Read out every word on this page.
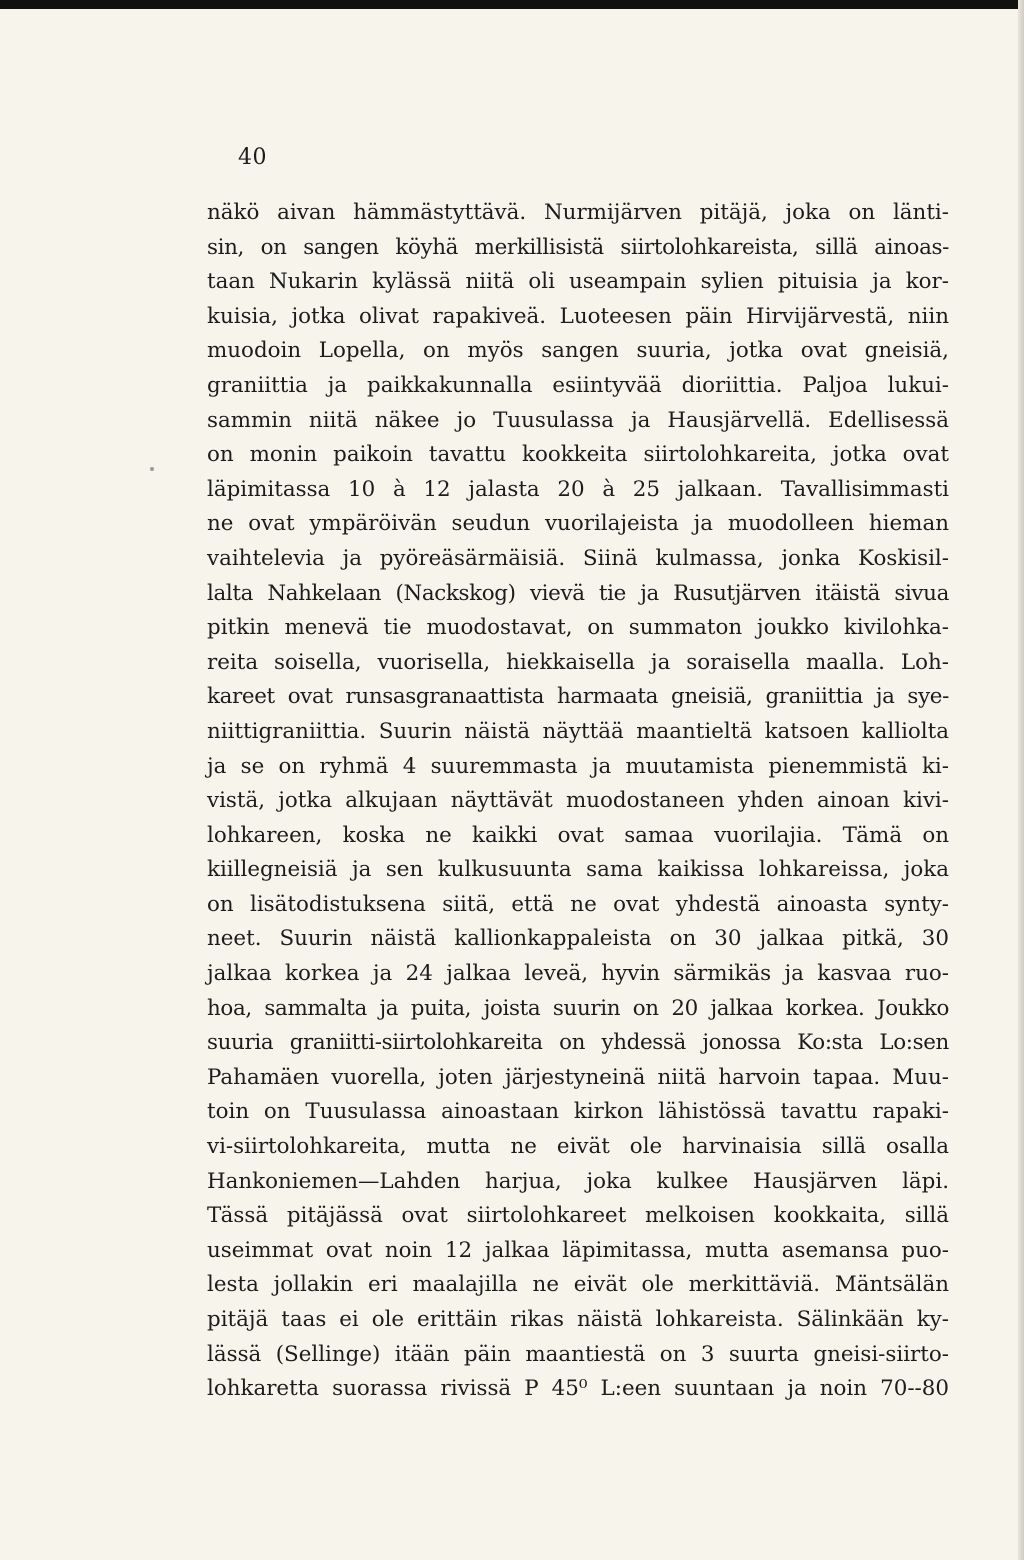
40
näkö aivan hämmästyttävä. Nurmijärven pitäjä, joka on länti-
sin, on sangen köyhä merkillisistä siirtolohkareista, sillä ainoas-
taan Nukarin kylässä niitä oli useampain sylien pituisia ja kor-
kuisia, jotka olivat rapakiveä. Luoteesen päin Hirvijärvestä, niin
muodoin Lopella, on myös sangen suuria, jotka ovat gneisiä,
graniittia ja paikkakunnalla esiintyvää dioriittia. Paljoa lukui-
sammin niitä näkee jo Tuusulassa ja Hausjärvellä. Edellisessä
on monin paikoin tavattu kookkeita siirtolohkareita, jotka ovat
läpimitassa 10 à 12 jalasta 20 à 25 jalkaan. Tavallisimmasti
ne ovat ympäröivän seudun vuorilajeista ja muodolleen hieman
vaihtelevia ja pyöreäsärmäisiä. Siinä kulmassa, jonka Koskisil-
lalta Nahkelaan (Nackskog) vievä tie ja Rusutjärven itäistä sivua
pitkin menevä tie muodostavat, on summaton joukko kivilohka-
reita soisella, vuorisella, hiekkaisella ja soraisella maalla. Loh-
kareet ovat runsasgranaattista harmaata gneisiä, graniittia ja sye-
niittigraniittia. Suurin näistä näyttää maantieltä katsoen kalliolta
ja se on ryhmä 4 suuremmasta ja muutamista pienemmistä ki-
vistä, jotka alkujaan näyttävät muodostaneen yhden ainoan kivi-
lohkareen, koska ne kaikki ovat samaa vuorilajia. Tämä on
kiillegneisiä ja sen kulkusuunta sama kaikissa lohkareissa, joka
on lisätodistuksena siitä, että ne ovat yhdestä ainoasta synty-
neet. Suurin näistä kallionkappaleista on 30 jalkaa pitkä, 30
jalkaa korkea ja 24 jalkaa leveä, hyvin särmikäs ja kasvaa ruo-
hoa, sammalta ja puita, joista suurin on 20 jalkaa korkea. Joukko
suuria graniitti-siirtolohkareita on yhdessä jonossa Ko:sta Lo:sen
Pahamäen vuorella, joten järjestyneinä niitä harvoin tapaa. Muu-
toin on Tuusulassa ainoastaan kirkon lähistössä tavattu rapaki-
vi-siirtolohkareita, mutta ne eivät ole harvinaisia sillä osalla
Hankoniemen—Lahden harjua, joka kulkee Hausjärven läpi.
Tässä pitäjässä ovat siirtolohkareet melkoisen kookkaita, sillä
useimmat ovat noin 12 jalkaa läpimitassa, mutta asemansa puo-
lesta jollakin eri maalajilla ne eivät ole merkittäviä. Mäntsälän
pitäjä taas ei ole erittäin rikas näistä lohkareista. Sälinkään ky-
lässä (Sellinge) itään päin maantiestä on 3 suurta gneisi-siirto-
lohkaretta suorassa rivissä P 45⁰ L:een suuntaan ja noin 70--80
